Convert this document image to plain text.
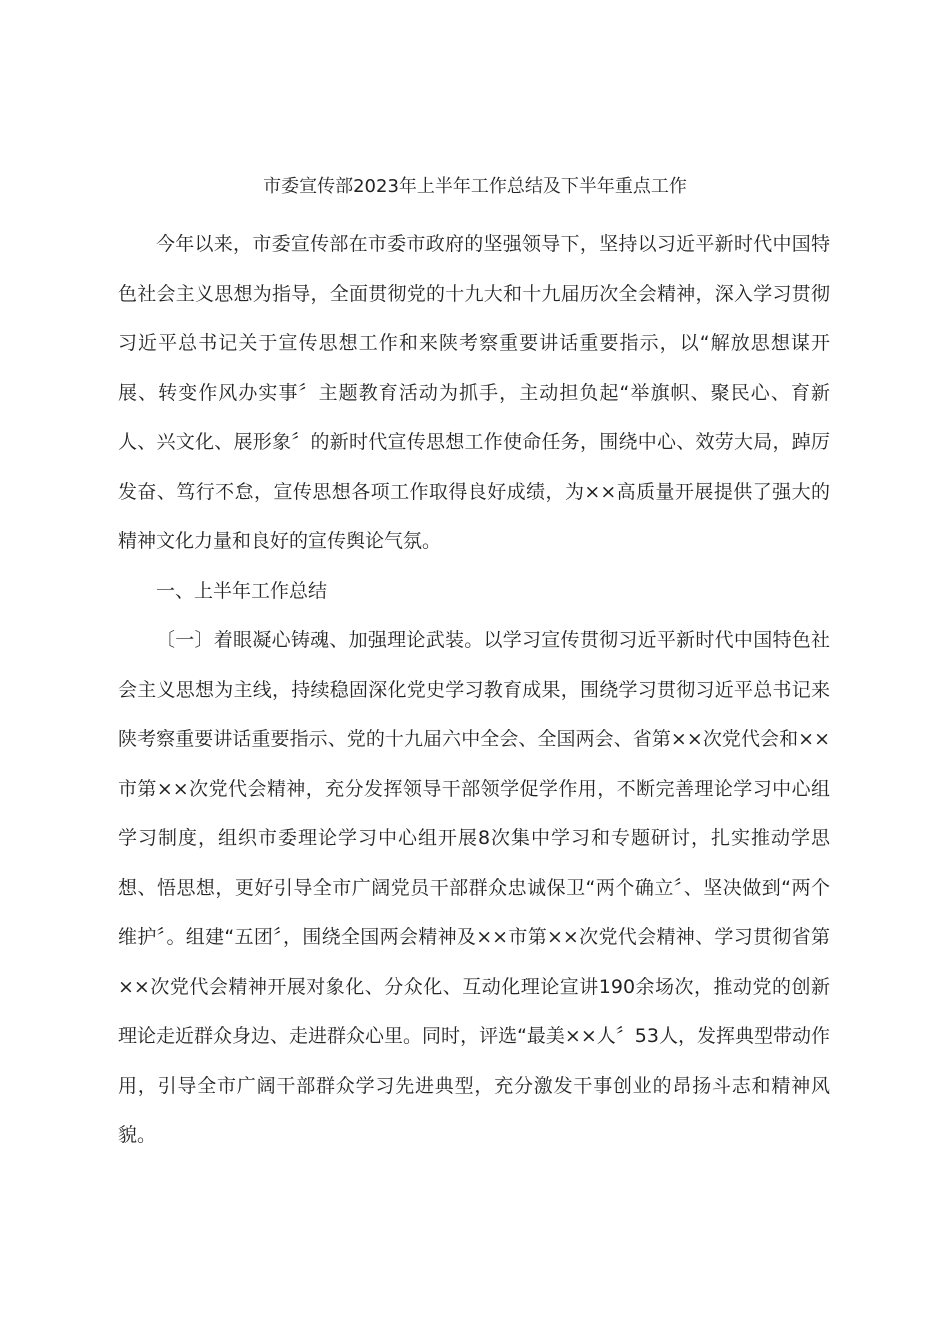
市委宣传部2023年上半年工作总结及下半年重点工作

今年以来，市委宣传部在市委市政府的坚强领导下，坚持以习近平新时代中国特色社会主义思想为指导，全面贯彻党的十九大和十九届历次全会精神，深入学习贯彻习近平总书记关于宣传思想工作和来陕考察重要讲话重要指示，以“解放思想谋开展、转变作风办实事〞主题教育活动为抓手，主动担负起“举旗帜、聚民心、育新人、兴文化、展形象〞的新时代宣传思想工作使命任务，围绕中心、效劳大局，踔厉发奋、笃行不怠，宣传思想各项工作取得良好成绩，为××高质量开展提供了强大的精神文化力量和良好的宣传舆论气氛。

一、上半年工作总结

〔一〕着眼凝心铸魂、加强理论武装。以学习宣传贯彻习近平新时代中国特色社会主义思想为主线，持续稳固深化党史学习教育成果，围绕学习贯彻习近平总书记来陕考察重要讲话重要指示、党的十九届六中全会、全国两会、省第××次党代会和××市第××次党代会精神，充分发挥领导干部领学促学作用，不断完善理论学习中心组学习制度，组织市委理论学习中心组开展8次集中学习和专题研讨，扎实推动学思想、悟思想，更好引导全市广阔党员干部群众忠诚保卫“两个确立〞、坚决做到“两个维护〞。组建“五团〞，围绕全国两会精神及××市第××次党代会精神、学习贯彻省第××次党代会精神开展对象化、分众化、互动化理论宣讲190余场次，推动党的创新理论走近群众身边、走进群众心里。同时，评选“最美××人〞53人，发挥典型带动作用，引导全市广阔干部群众学习先进典型，充分激发干事创业的昂扬斗志和精神风貌。
